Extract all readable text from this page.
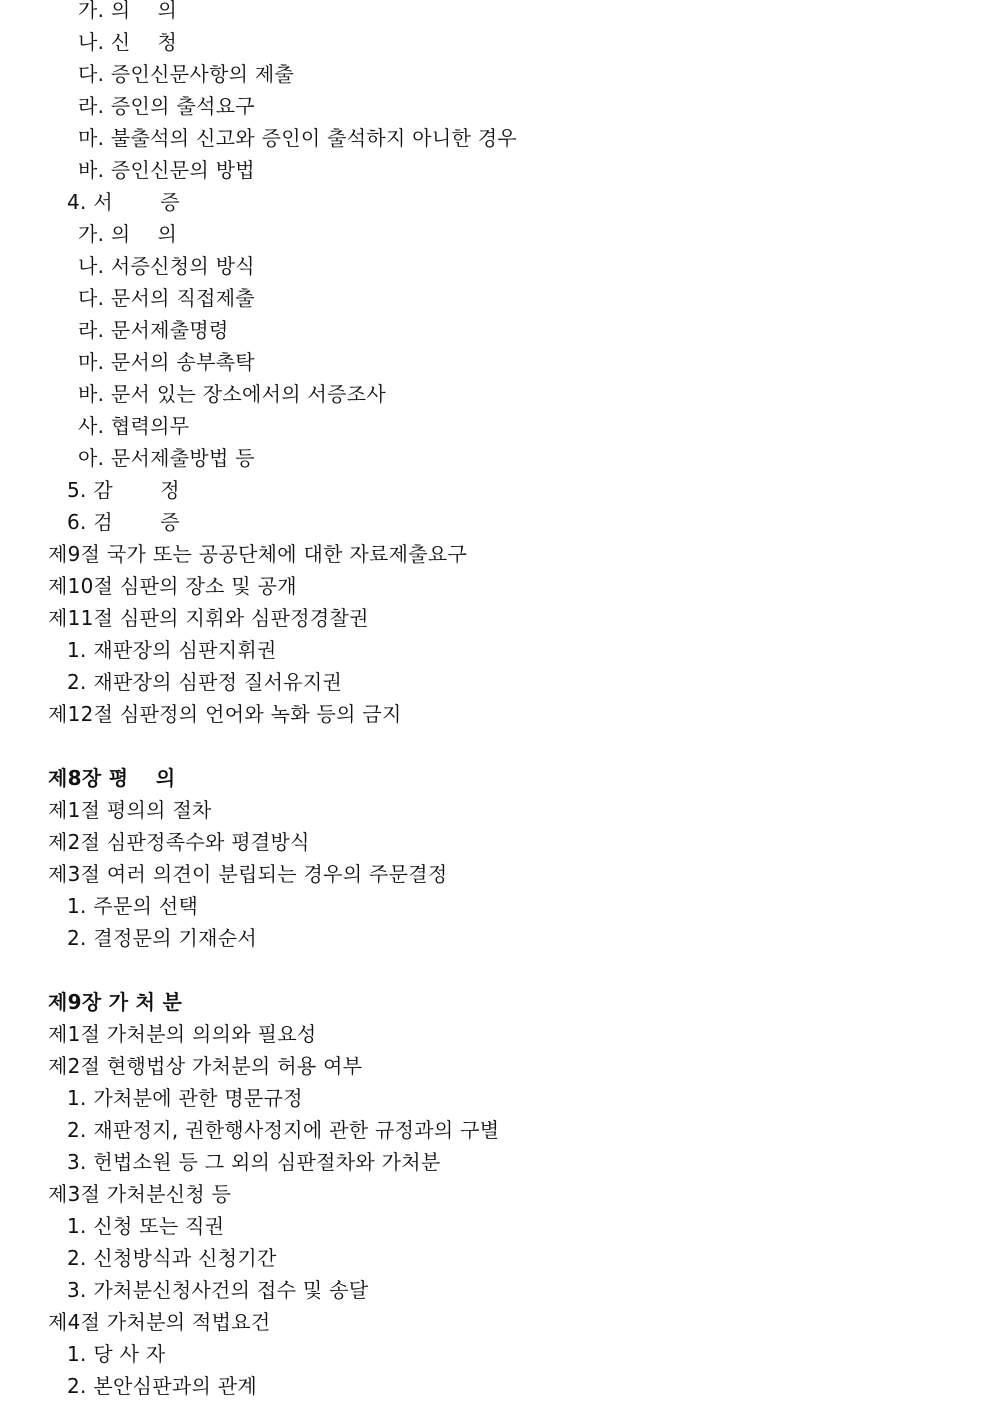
가. 의　 의
나. 신　 청
다. 증인신문사항의 제출
라. 증인의 출석요구
마. 불출석의 신고와 증인이 출석하지 아니한 경우
바. 증인신문의 방법
4. 서　　 증
가. 의　 의
나. 서증신청의 방식
다. 문서의 직접제출
라. 문서제출명령
마. 문서의 송부촉탁
바. 문서 있는 장소에서의 서증조사
사. 협력의무
아. 문서제출방법 등
5. 감　　 정
6. 검　　 증
제9절 국가 또는 공공단체에 대한 자료제출요구
제10절 심판의 장소 및 공개
제11절 심판의 지휘와 심판정경찰권
1. 재판장의 심판지휘권
2. 재판장의 심판정 질서유지권
제12절 심판정의 언어와 녹화 등의 금지
제8장 평　 의
제1절 평의의 절차
제2절 심판정족수와 평결방식
제3절 여러 의견이 분립되는 경우의 주문결정
1. 주문의 선택
2. 결정문의 기재순서
제9장 가 처 분
제1절 가처분의 의의와 필요성
제2절 현행법상 가처분의 허용 여부
1. 가처분에 관한 명문규정
2. 재판정지, 권한행사정지에 관한 규정과의 구별
3. 헌법소원 등 그 외의 심판절차와 가처분
제3절 가처분신청 등
1. 신청 또는 직권
2. 신청방식과 신청기간
3. 가처분신청사건의 접수 및 송달
제4절 가처분의 적법요건
1. 당 사 자
2. 본안심판과의 관계
